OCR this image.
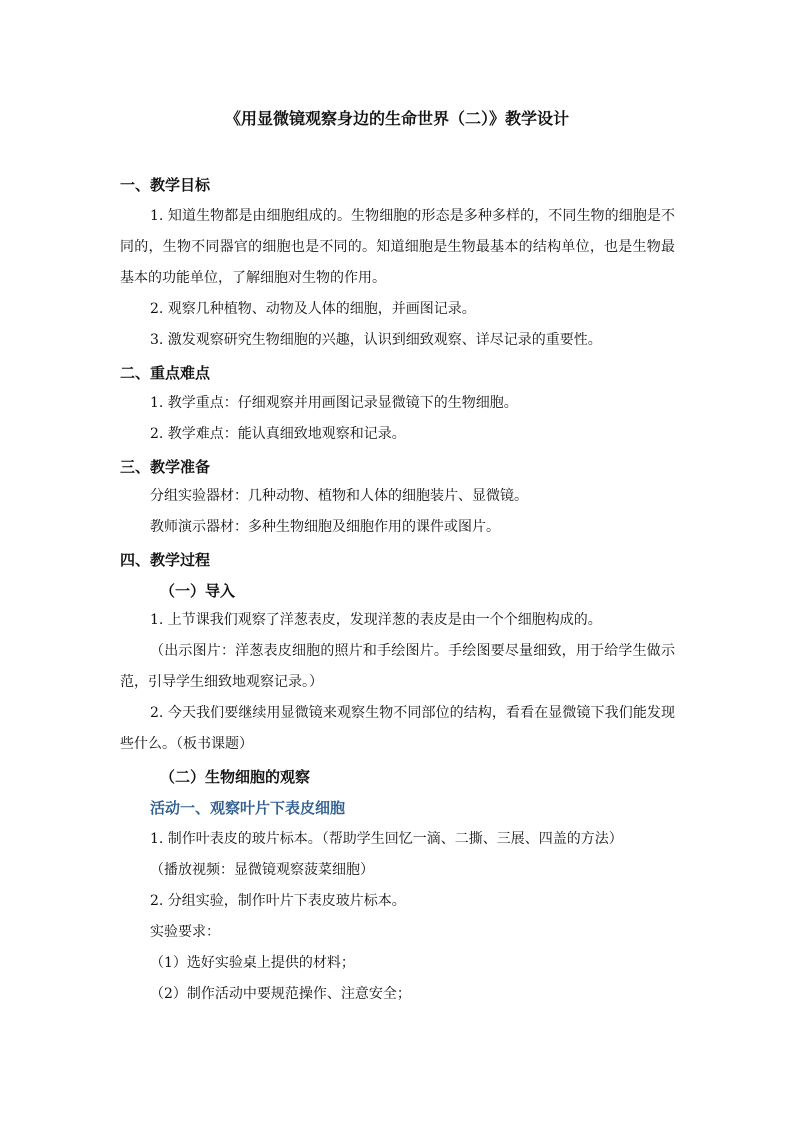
《用显微镜观察身边的生命世界（二）》教学设计
一、教学目标
1. 知道生物都是由细胞组成的。生物细胞的形态是多种多样的，不同生物的细胞是不同的，生物不同器官的细胞也是不同的。知道细胞是生物最基本的结构单位，也是生物最基本的功能单位，了解细胞对生物的作用。
2. 观察几种植物、动物及人体的细胞，并画图记录。
3. 激发观察研究生物细胞的兴趣，认识到细致观察、详尽记录的重要性。
二、重点难点
1. 教学重点：仔细观察并用画图记录显微镜下的生物细胞。
2. 教学难点：能认真细致地观察和记录。
三、教学准备
分组实验器材：几种动物、植物和人体的细胞装片、显微镜。
教师演示器材：多种生物细胞及细胞作用的课件或图片。
四、教学过程
（一）导入
1. 上节课我们观察了洋葱表皮，发现洋葱的表皮是由一个个细胞构成的。
（出示图片：洋葱表皮细胞的照片和手绘图片。手绘图要尽量细致，用于给学生做示范，引导学生细致地观察记录。）
2. 今天我们要继续用显微镜来观察生物不同部位的结构，看看在显微镜下我们能发现些什么。（板书课题）
（二）生物细胞的观察
活动一、观察叶片下表皮细胞
1. 制作叶表皮的玻片标本。（帮助学生回忆一滴、二撕、三展、四盖的方法）
（播放视频：显微镜观察菠菜细胞）
2. 分组实验，制作叶片下表皮玻片标本。
实验要求：
（1）选好实验桌上提供的材料；
（2）制作活动中要规范操作、注意安全；
